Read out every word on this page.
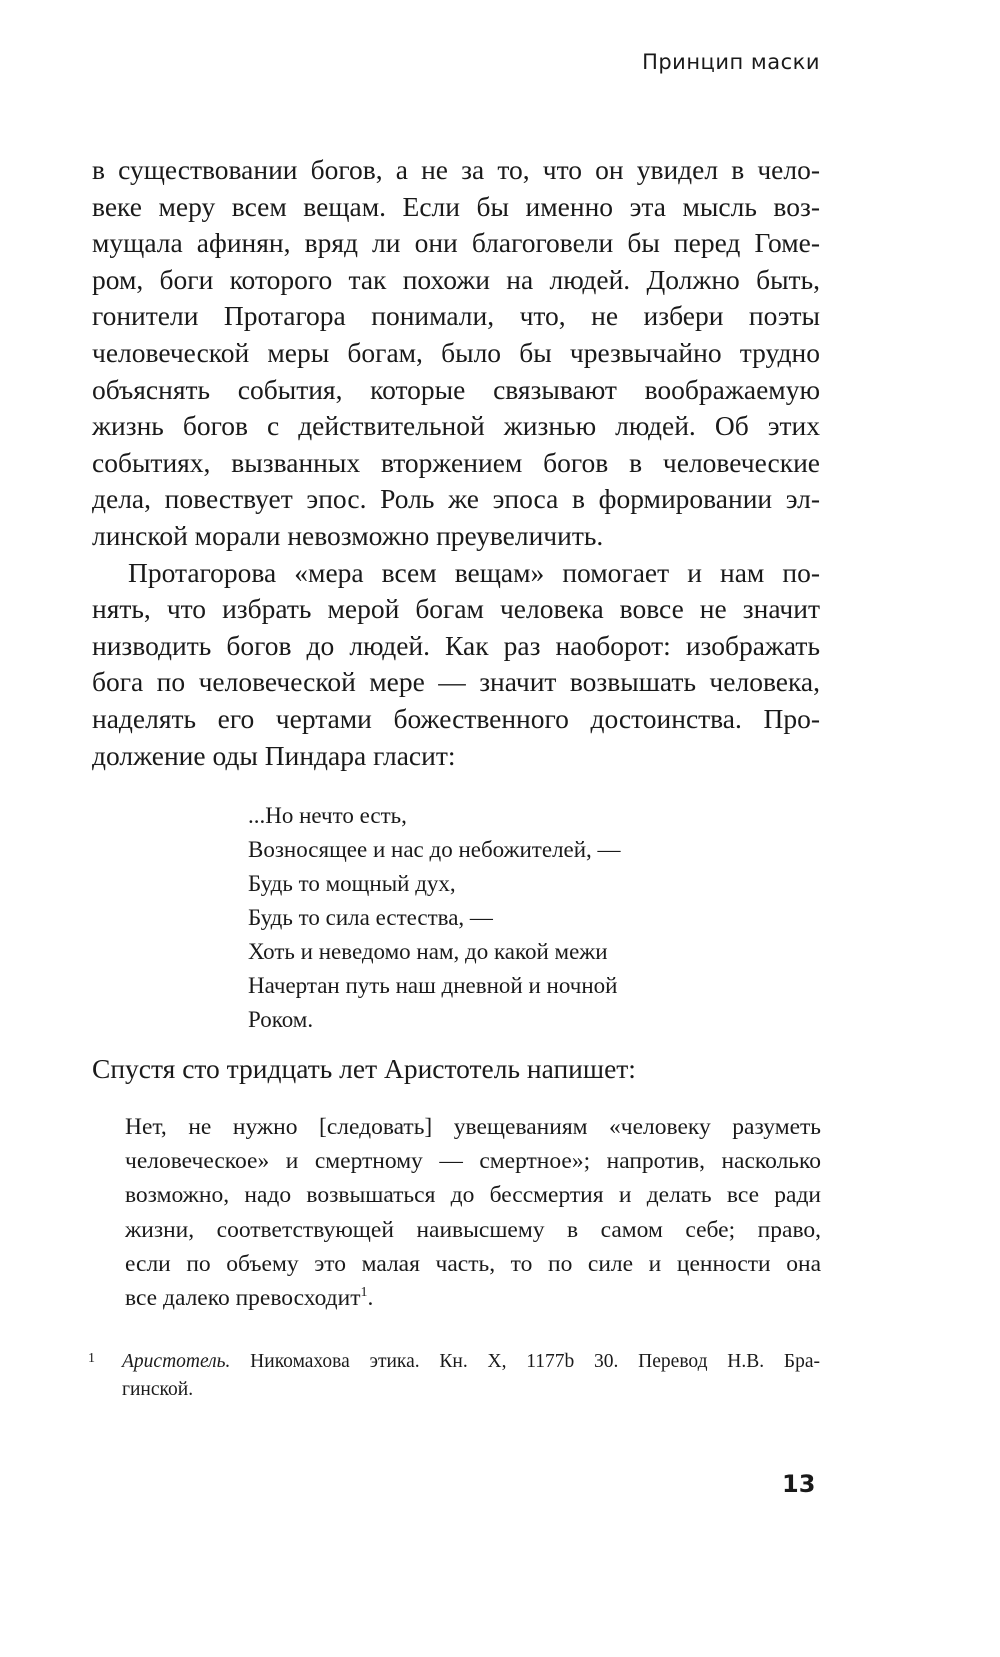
Принцип маски

в существовании богов, а не за то, что он увидел в чело-
веке меру всем вещам. Если бы именно эта мысль воз-
мущала афинян, вряд ли они благоговели бы перед Гоме-
ром, боги которого так похожи на людей. Должно быть,
гонители Протагора понимали, что, не избери поэты
человеческой меры богам, было бы чрезвычайно трудно
объяснять события, которые связывают воображаемую
жизнь богов с действительной жизнью людей. Об этих
событиях, вызванных вторжением богов в человеческие
дела, повествует эпос. Роль же эпоса в формировании эл-
линской морали невозможно преувеличить.

Протагорова «мера всем вещам» помогает и нам по-
нять, что избрать мерой богам человека вовсе не значит
низводить богов до людей. Как раз наоборот: изображать
бога по человеческой мере — значит возвышать человека,
наделять его чертами божественного достоинства. Про-
должение оды Пиндара гласит:

...Но нечто есть,
Возносящее и нас до небожителей, —
Будь то мощный дух,
Будь то сила естества, —
Хоть и неведомо нам, до какой межи
Начертан путь наш дневной и ночной
Роком.
Спустя сто тридцать лет Аристотель напишет:
Нет, не нужно [следовать] увещеваниям «человеку разуметь
человеческое» и смертному — смертное»; напротив, насколько
возможно, надо возвышаться до бессмертия и делать все ради
жизни, соответствующей наивысшему в самом себе; право,
если по объему это малая часть, то по силе и ценности она
все далеко превосходит$^1$.
1 Аристотель. Никомахова этика. Кн. X, 1177b 30. Перевод Н.В. Бра-
гинской.
13
